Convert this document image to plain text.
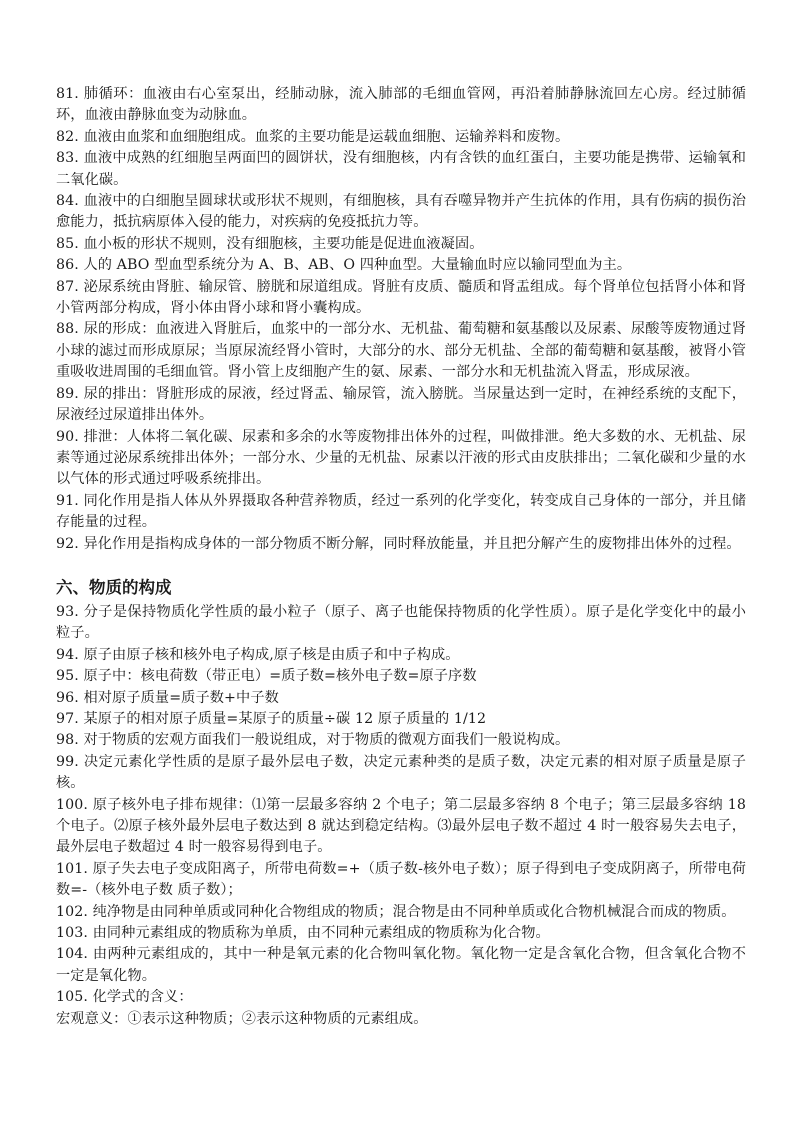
81. 肺循环：血液由右心室泵出，经肺动脉，流入肺部的毛细血管网，再沿着肺静脉流回左心房。经过肺循环，血液由静脉血变为动脉血。

82. 血液由血浆和血细胞组成。血浆的主要功能是运载血细胞、运输养料和废物。

83. 血液中成熟的红细胞呈两面凹的圆饼状，没有细胞核，内有含铁的血红蛋白，主要功能是携带、运输氧和二氧化碳。

84. 血液中的白细胞呈圆球状或形状不规则，有细胞核，具有吞噬异物并产生抗体的作用，具有伤病的损伤治愈能力，抵抗病原体入侵的能力，对疾病的免疫抵抗力等。

85. 血小板的形状不规则，没有细胞核，主要功能是促进血液凝固。

86. 人的 ABO 型血型系统分为 A、B、AB、O 四种血型。大量输血时应以输同型血为主。

87. 泌尿系统由肾脏、输尿管、膀胱和尿道组成。肾脏有皮质、髓质和肾盂组成。每个肾单位包括肾小体和肾小管两部分构成，肾小体由肾小球和肾小囊构成。

88. 尿的形成：血液进入肾脏后，血浆中的一部分水、无机盐、葡萄糖和氨基酸以及尿素、尿酸等废物通过肾小球的滤过而形成原尿；当原尿流经肾小管时，大部分的水、部分无机盐、全部的葡萄糖和氨基酸，被肾小管重吸收进周围的毛细血管。肾小管上皮细胞产生的氨、尿素、一部分水和无机盐流入肾盂，形成尿液。

89. 尿的排出：肾脏形成的尿液，经过肾盂、输尿管，流入膀胱。当尿量达到一定时，在神经系统的支配下，尿液经过尿道排出体外。

90. 排泄：人体将二氧化碳、尿素和多余的水等废物排出体外的过程，叫做排泄。绝大多数的水、无机盐、尿素等通过泌尿系统排出体外；一部分水、少量的无机盐、尿素以汗液的形式由皮肤排出；二氧化碳和少量的水以气体的形式通过呼吸系统排出。

91. 同化作用是指人体从外界摄取各种营养物质，经过一系列的化学变化，转变成自己身体的一部分，并且储存能量的过程。

92. 异化作用是指构成身体的一部分物质不断分解，同时释放能量，并且把分解产生的废物排出体外的过程。

六、物质的构成

93. 分子是保持物质化学性质的最小粒子（原子、离子也能保持物质的化学性质）。原子是化学变化中的最小粒子。

94. 原子由原子核和核外电子构成,原子核是由质子和中子构成。

95. 原子中：核电荷数（带正电）=质子数=核外电子数=原子序数

96. 相对原子质量=质子数+中子数

97. 某原子的相对原子质量=某原子的质量÷碳 12 原子质量的 1/12

98. 对于物质的宏观方面我们一般说组成，对于物质的微观方面我们一般说构成。

99. 决定元素化学性质的是原子最外层电子数，决定元素种类的是质子数，决定元素的相对原子质量是原子核。

100. 原子核外电子排布规律：⑴第一层最多容纳 2 个电子；第二层最多容纳 8 个电子；第三层最多容纳 18 个电子。⑵原子核外最外层电子数达到 8 就达到稳定结构。⑶最外层电子数不超过 4 时一般容易失去电子，最外层电子数超过 4 时一般容易得到电子。

101. 原子失去电子变成阳离子，所带电荷数=+（质子数-核外电子数）；原子得到电子变成阴离子，所带电荷数=-（核外电子数 质子数）；

102. 纯净物是由同种单质或同种化合物组成的物质；混合物是由不同种单质或化合物机械混合而成的物质。

103. 由同种元素组成的物质称为单质，由不同种元素组成的物质称为化合物。

104. 由两种元素组成的，其中一种是氧元素的化合物叫氧化物。氧化物一定是含氧化合物，但含氧化合物不一定是氧化物。

105. 化学式的含义：

宏观意义：①表示这种物质；②表示这种物质的元素组成。
